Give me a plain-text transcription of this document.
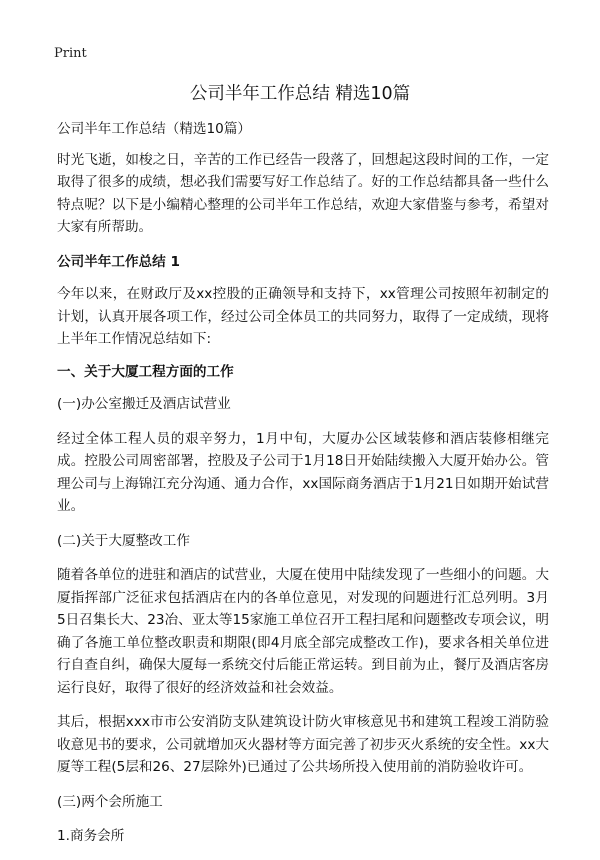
Print
公司半年工作总结 精选10篇

公司半年工作总结（精选10篇）

时光飞逝，如梭之日，辛苦的工作已经告一段落了，回想起这段时间的工作，一定取得了很多的成绩，想必我们需要写好工作总结了。好的工作总结都具备一些什么特点呢？以下是小编精心整理的公司半年工作总结，欢迎大家借鉴与参考，希望对大家有所帮助。

公司半年工作总结 1

今年以来，在财政厅及xx控股的正确领导和支持下，xx管理公司按照年初制定的计划，认真开展各项工作，经过公司全体员工的共同努力，取得了一定成绩，现将上半年工作情况总结如下:

一、关于大厦工程方面的工作

(一)办公室搬迁及酒店试营业

经过全体工程人员的艰辛努力，1月中旬，大厦办公区域装修和酒店装修相继完成。控股公司周密部署，控股及子公司于1月18日开始陆续搬入大厦开始办公。管理公司与上海锦江充分沟通、通力合作，xx国际商务酒店于1月21日如期开始试营业。

(二)关于大厦整改工作

随着各单位的进驻和酒店的试营业，大厦在使用中陆续发现了一些细小的问题。大厦指挥部广泛征求包括酒店在内的各单位意见，对发现的问题进行汇总列明。3月5日召集长大、23冶、亚太等15家施工单位召开工程扫尾和问题整改专项会议，明确了各施工单位整改职责和期限(即4月底全部完成整改工作)，要求各相关单位进行自查自纠，确保大厦每一系统交付后能正常运转。到目前为止，餐厅及酒店客房运行良好，取得了很好的经济效益和社会效益。

其后，根据xxx市市公安消防支队建筑设计防火审核意见书和建筑工程竣工消防验收意见书的要求，公司就增加灭火器材等方面完善了初步灭火系统的安全性。xx大厦等工程(5层和26、27层除外)已通过了公共场所投入使用前的消防验收许可。

(三)两个会所施工

1.商务会所
